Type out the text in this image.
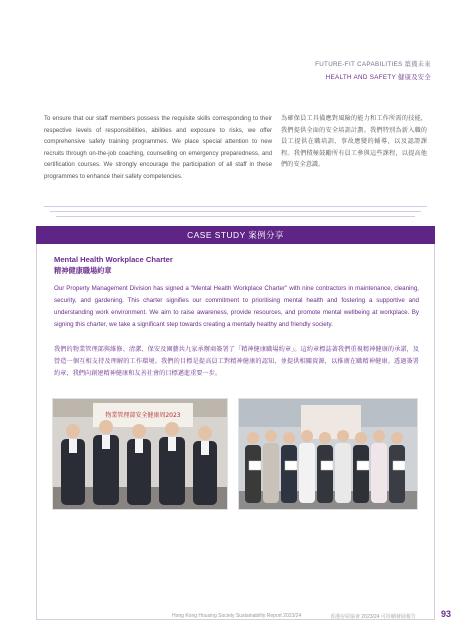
FUTURE-FIT CAPABILITIES 築備未來
HEALTH AND SAFETY 健康及安全

To ensure that our staff members possess the requisite skills corresponding to their respective levels of responsibilities, abilities and exposure to risks, we offer comprehensive safety training programmes. We place special attention to new recruits through on-the-job coaching, counselling on emergency preparedness, and certification courses. We strongly encourage the participation of all staff in these programmes to enhance their safety competencies.

為確保員工具備應對風險的能力和工作所需的技能，我們提供全面的安全培訓計劃。我們特別為新入職的員工提供在職培訓、事故應變的輔導，以及認證課程。我們積極鼓勵所有員工參與這些課程，以提高他們的安全意識。

CASE STUDY 案例分享
Mental Health Workplace Charter
精神健康職場約章

Our Property Management Division has signed a "Mental Health Workplace Charter" with nine contractors in maintenance, cleaning, security, and gardening. This charter signifies our commitment to prioritising mental health and fostering a supportive and understanding work environment. We aim to raise awareness, provide resources, and promote mental wellbeing at workplace. By signing this charter, we take a significant step towards creating a mentally healthy and friendly society.

我們的物業管理部與維修、清潔、保安及園藝共九家承辦商簽署了「精神健康職場約章」。這約章標誌著我們重視精神健康的承諾，及營造一個互相支持及理解的工作環境。我們的目標是提高員工對精神健康的認知，並提供相關資源，以推廣在職精神健康。透過簽署約章，我們向創建精神健康和友善社會的目標邁進重要一步。

物業管理部安全健康周2023
Hong Kong Housing Society Sustainability Report 2023/24	香港房屋協會 2023/24 可持續發展報告	93
